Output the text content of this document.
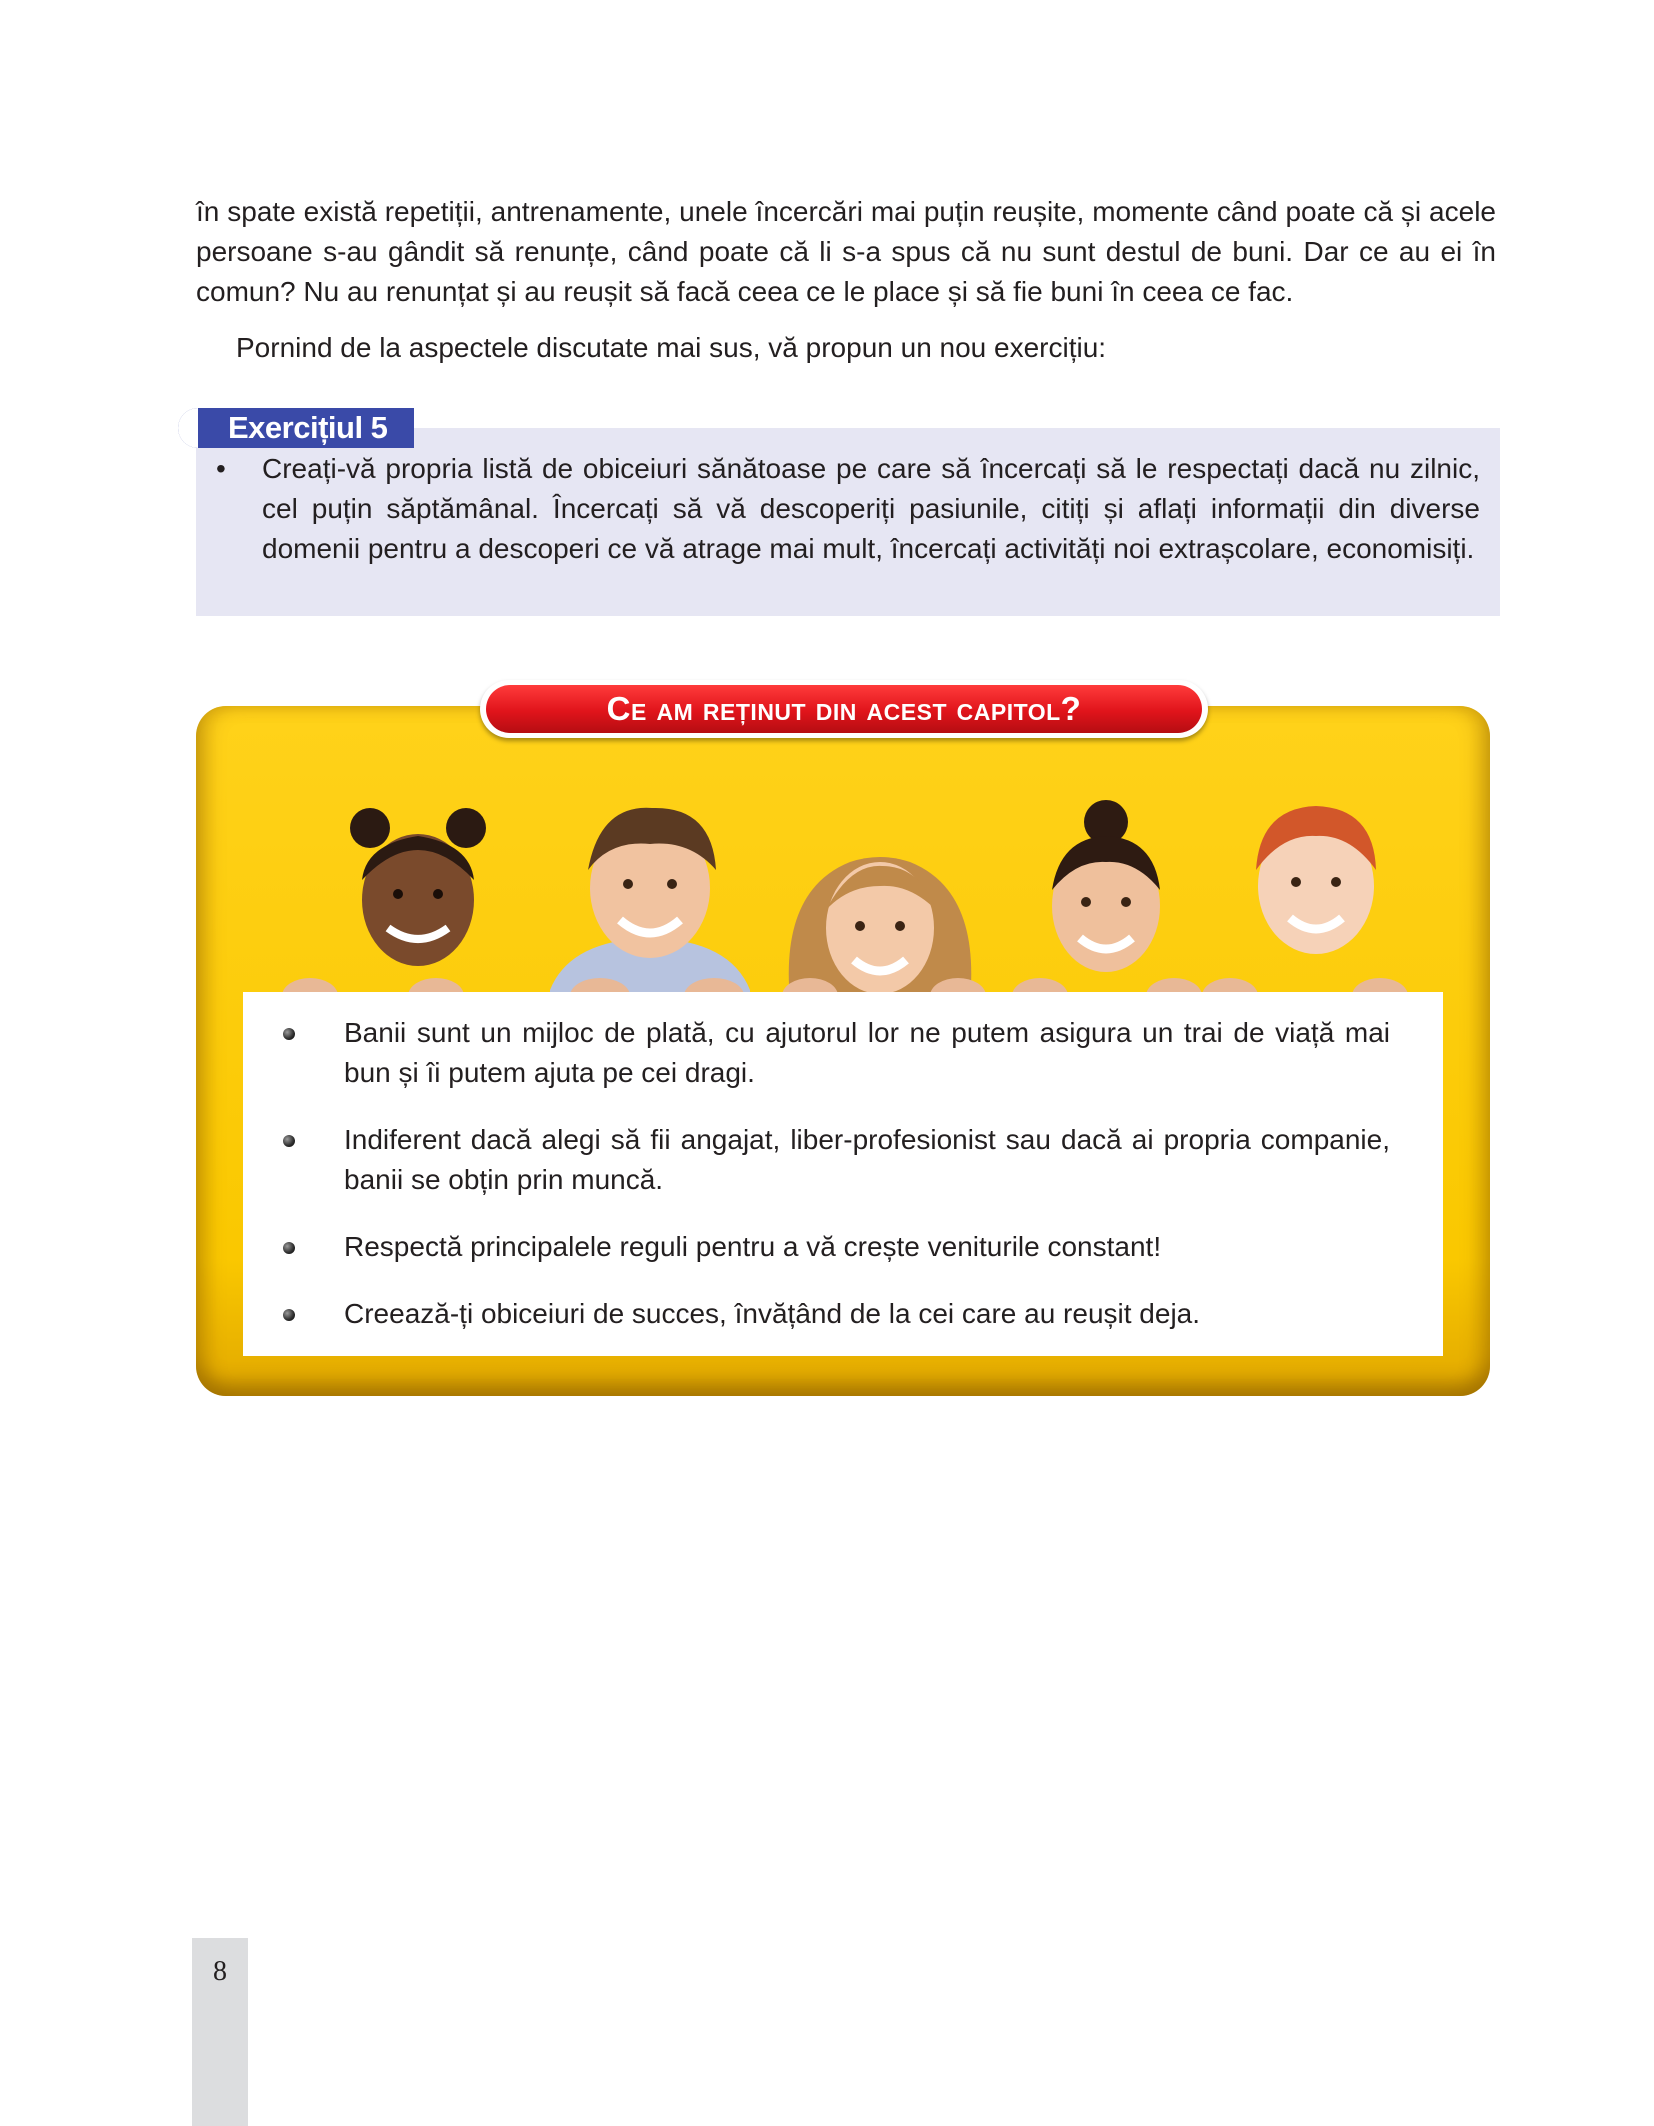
în spate există repetiții, antrenamente, unele încercări mai puțin reușite, momente când poate că și acele persoane s-au gândit să renunțe, când poate că li s-a spus că nu sunt destul de buni. Dar ce au ei în comun? Nu au renunțat și au reușit să facă ceea ce le place și să fie buni în ceea ce fac.

Pornind de la aspectele discutate mai sus, vă propun un nou exercițiu:

Exercițiul 5
•	Creați-vă propria listă de obiceiuri sănătoase pe care să încercați să le respectați dacă nu zilnic, cel puțin săptămânal. Încercați să vă descoperiți pasiunile, citiți și aflați informații din diverse domenii pentru a descoperi ce vă atrage mai mult, încercați activități noi extrașcolare, economisiți.
Ce am reținut din acest capitol?
Banii sunt un mijloc de plată, cu ajutorul lor ne putem asigura un trai de viață mai bun și îi putem ajuta pe cei dragi.
Indiferent dacă alegi să fii angajat, liber-profesionist sau dacă ai propria companie, banii se obțin prin muncă.
Respectă principalele reguli pentru a vă crește veniturile constant!
Creează-ți obiceiuri de succes, învățând de la cei care au reușit deja.
8
